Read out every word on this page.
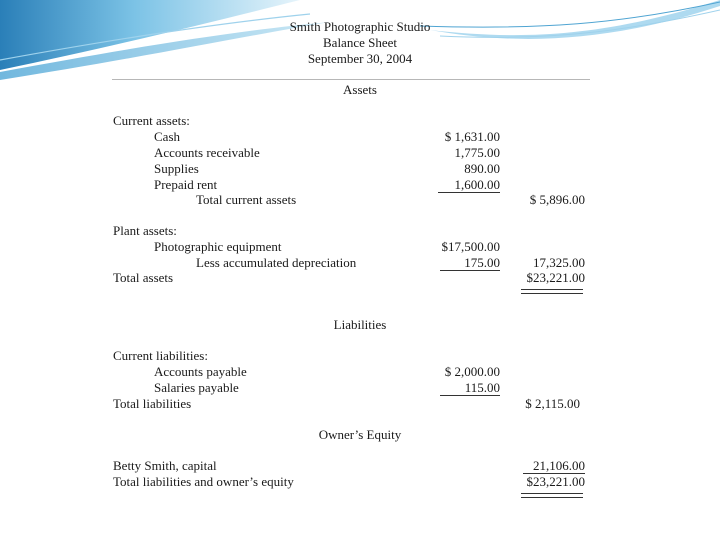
Smith Photographic Studio
Balance Sheet
September 30, 2004
Assets
Current assets:
Cash	$ 1,631.00
Accounts receivable	1,775.00
Supplies	890.00
Prepaid rent	1,600.00
Total current assets	$ 5,896.00
Plant assets:
Photographic equipment	$17,500.00
Less accumulated depreciation	175.00	17,325.00
Total assets	$23,221.00
Liabilities
Current liabilities:
Accounts payable	$ 2,000.00
Salaries payable	115.00
Total liabilities	$ 2,115.00
Owner’s Equity
Betty Smith, capital	21,106.00
Total liabilities and owner’s equity	$23,221.00
